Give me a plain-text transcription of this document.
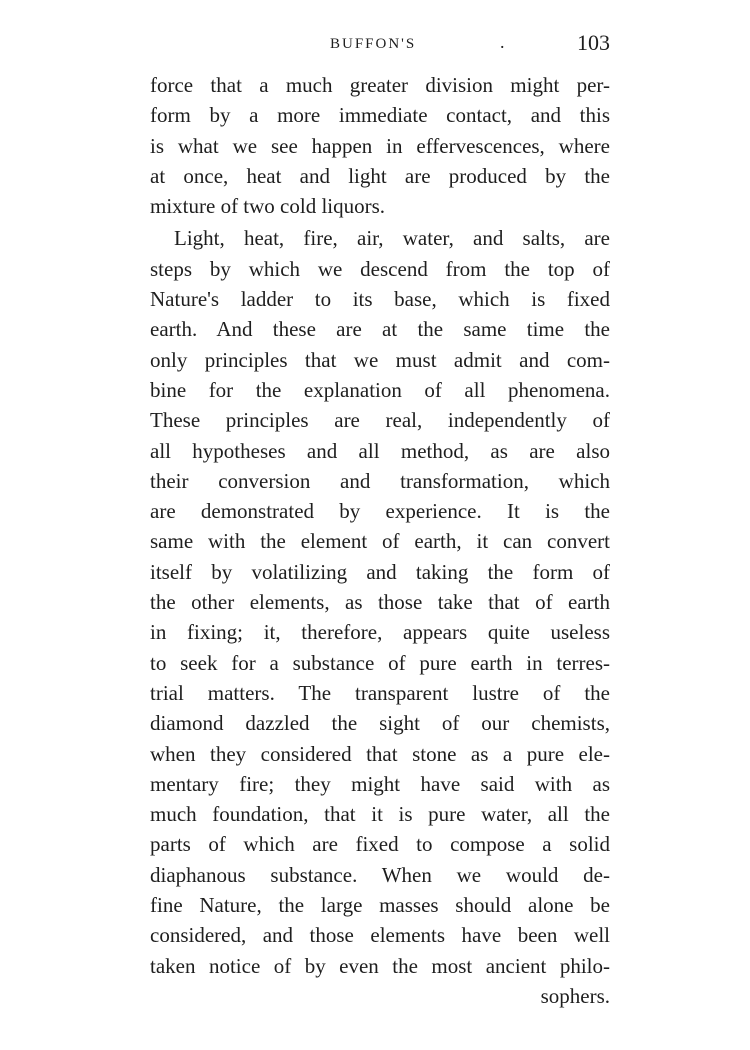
BUFFON'S	.	103
force that a much greater division might per-
form by a more immediate contact, and this
is what we see happen in effervescences, where
at once, heat and light are produced by the
mixture of two cold liquors.
Light, heat, fire, air, water, and salts, are
steps by which we descend from the top of
Nature's ladder to its base, which is fixed
earth. And these are at the same time the
only principles that we must admit and com-
bine for the explanation of all phenomena.
These principles are real, independently of
all hypotheses and all method, as are also
their conversion and transformation, which
are demonstrated by experience. It is the
same with the element of earth, it can convert
itself by volatilizing and taking the form of
the other elements, as those take that of earth
in fixing; it, therefore, appears quite useless
to seek for a substance of pure earth in terres-
trial matters. The transparent lustre of the
diamond dazzled the sight of our chemists,
when they considered that stone as a pure ele-
mentary fire; they might have said with as
much foundation, that it is pure water, all the
parts of which are fixed to compose a solid
diaphanous substance. When we would de-
fine Nature, the large masses should alone be
considered, and those elements have been well
taken notice of by even the most ancient philo-
sophers.
